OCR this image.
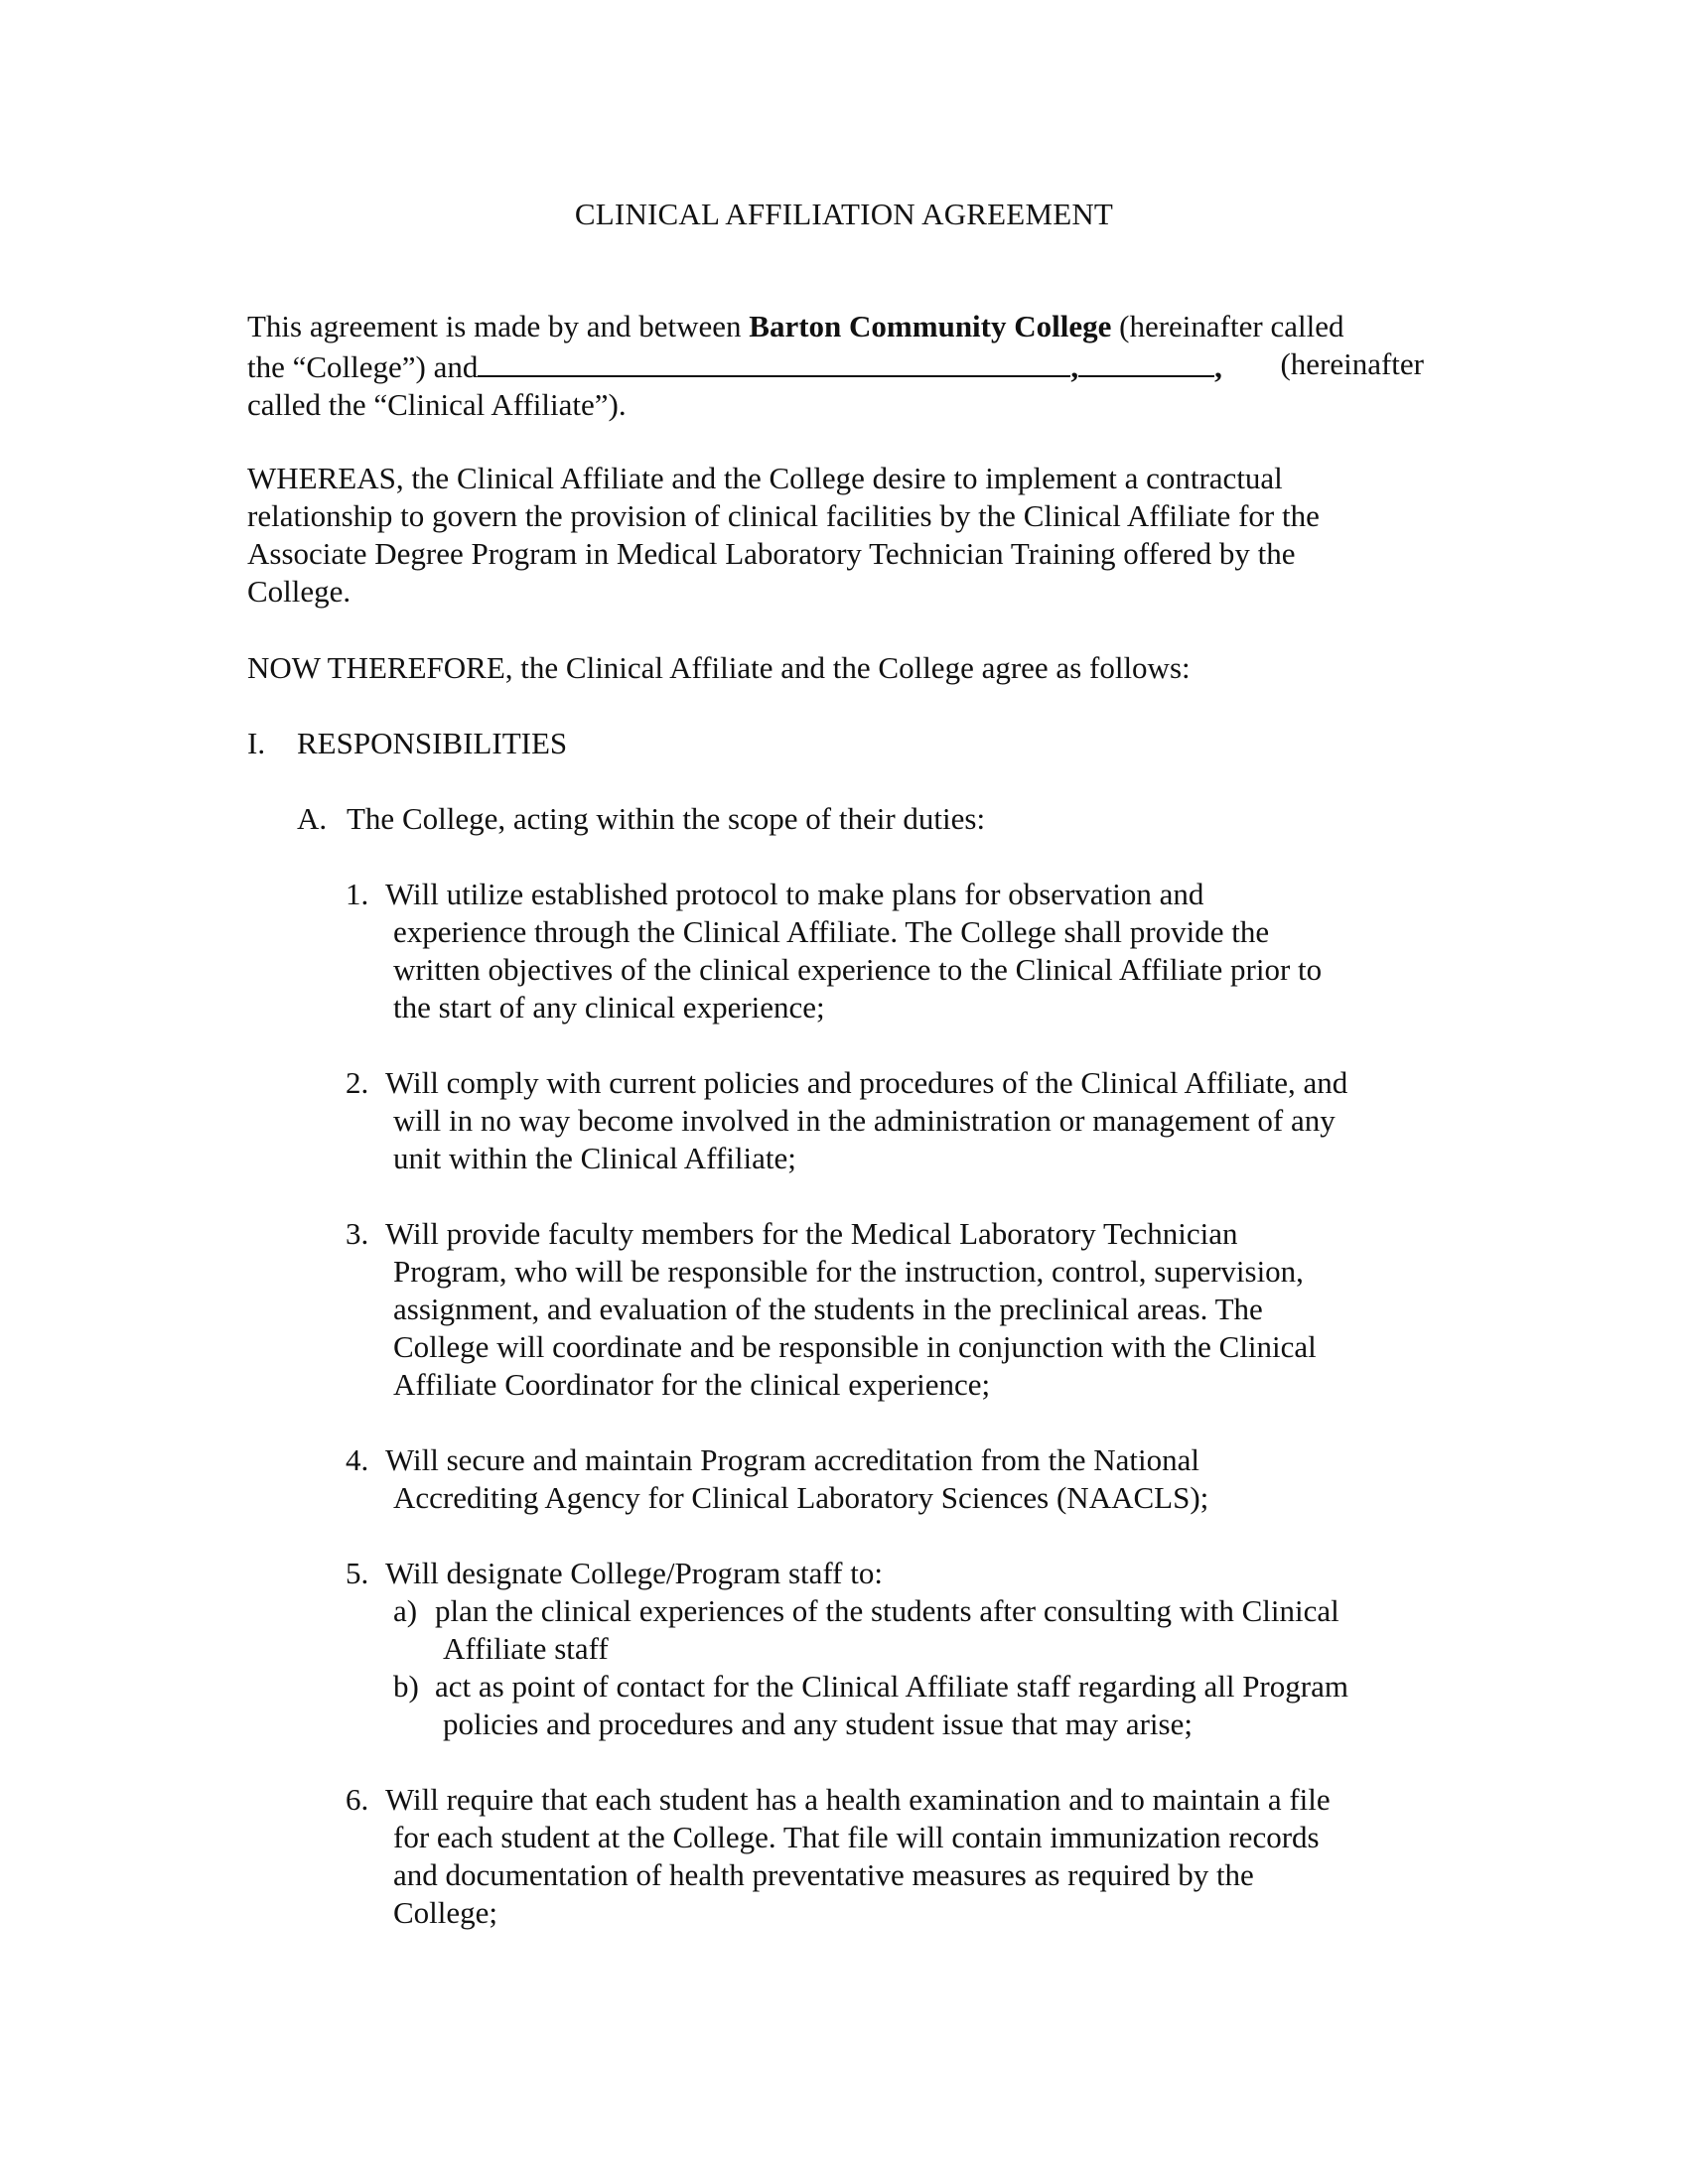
CLINICAL AFFILIATION AGREEMENT
This agreement is made by and between Barton Community College (hereinafter called
the “College”) and	,	, (hereinafter
called the “Clinical Affiliate”).
WHEREAS, the Clinical Affiliate and the College desire to implement a contractual
relationship to govern the provision of clinical facilities by the Clinical Affiliate for the
Associate Degree Program in Medical Laboratory Technician Training offered by the
College.
NOW THEREFORE, the Clinical Affiliate and the College agree as follows:
I. RESPONSIBILITIES
A. The College, acting within the scope of their duties:
1. Will utilize established protocol to make plans for observation and
experience through the Clinical Affiliate. The College shall provide the
written objectives of the clinical experience to the Clinical Affiliate prior to
the start of any clinical experience;
2. Will comply with current policies and procedures of the Clinical Affiliate, and
will in no way become involved in the administration or management of any
unit within the Clinical Affiliate;
3. Will provide faculty members for the Medical Laboratory Technician
Program, who will be responsible for the instruction, control, supervision,
assignment, and evaluation of the students in the preclinical areas. The
College will coordinate and be responsible in conjunction with the Clinical
Affiliate Coordinator for the clinical experience;
4. Will secure and maintain Program accreditation from the National
Accrediting Agency for Clinical Laboratory Sciences (NAACLS);
5. Will designate College/Program staff to:
a) plan the clinical experiences of the students after consulting with Clinical
Affiliate staff
b) act as point of contact for the Clinical Affiliate staff regarding all Program
policies and procedures and any student issue that may arise;
6. Will require that each student has a health examination and to maintain a file
for each student at the College. That file will contain immunization records
and documentation of health preventative measures as required by the
College;
